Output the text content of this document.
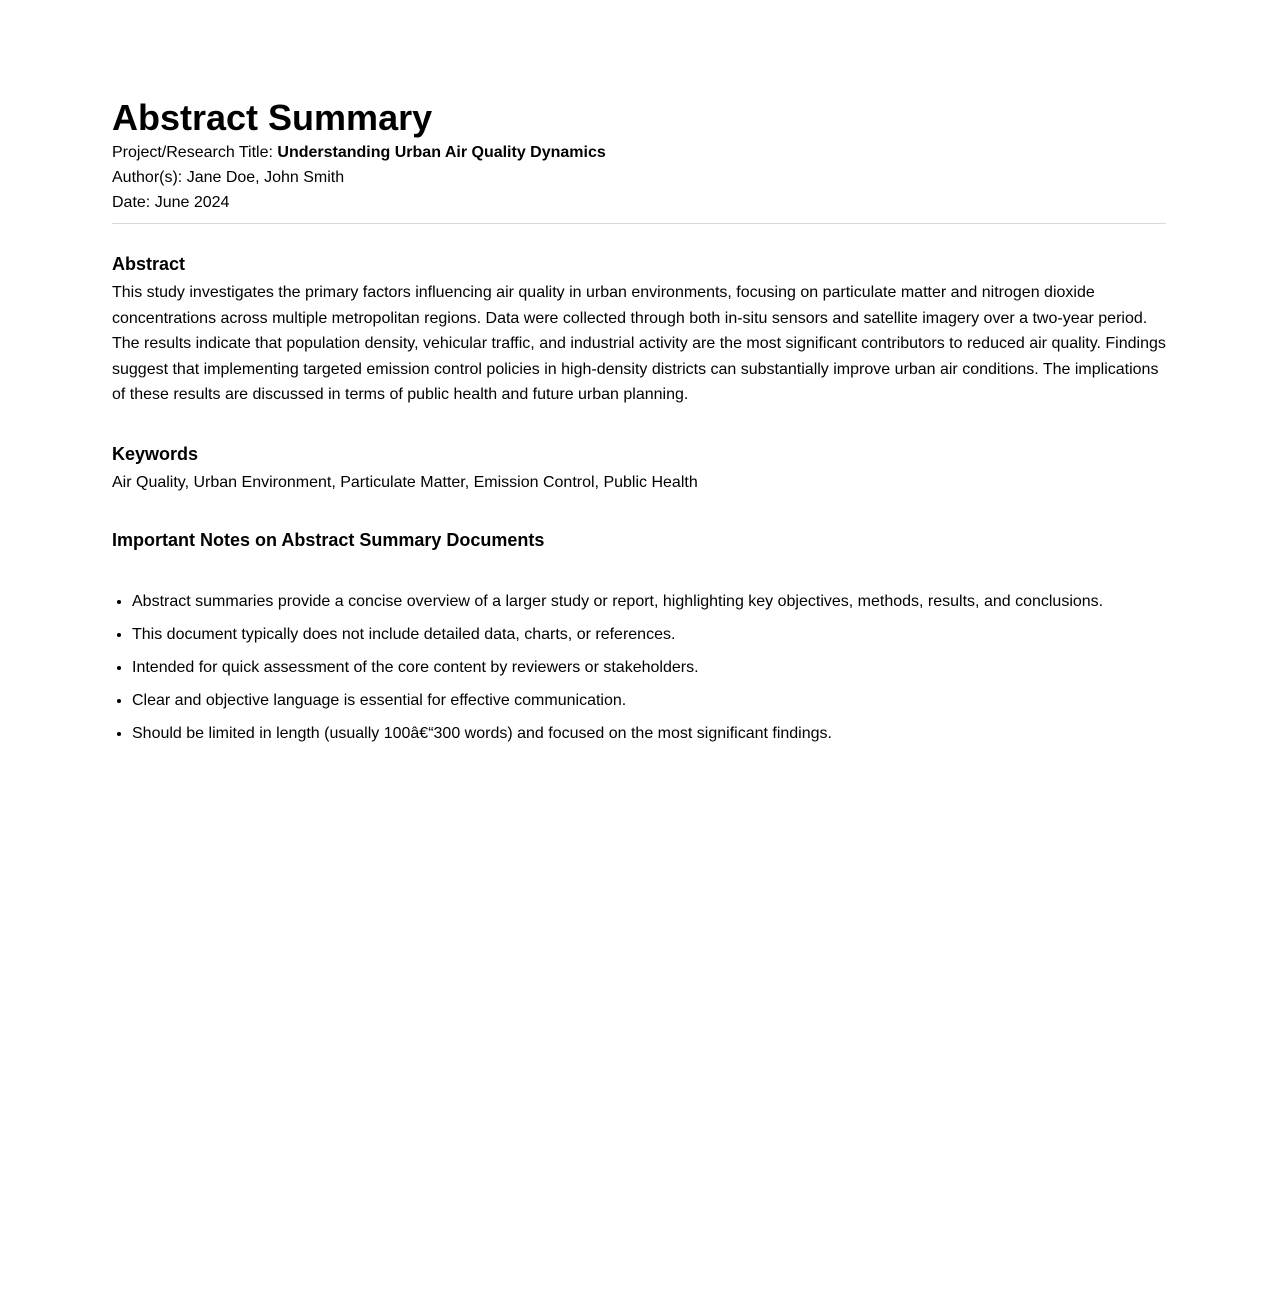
Abstract Summary
Project/Research Title: Understanding Urban Air Quality Dynamics
Author(s): Jane Doe, John Smith
Date: June 2024
Abstract

This study investigates the primary factors influencing air quality in urban environments, focusing on particulate matter and nitrogen dioxide concentrations across multiple metropolitan regions. Data were collected through both in-situ sensors and satellite imagery over a two-year period. The results indicate that population density, vehicular traffic, and industrial activity are the most significant contributors to reduced air quality. Findings suggest that implementing targeted emission control policies in high-density districts can substantially improve urban air conditions. The implications of these results are discussed in terms of public health and future urban planning.

Keywords

Air Quality, Urban Environment, Particulate Matter, Emission Control, Public Health

Important Notes on Abstract Summary Documents
• Abstract summaries provide a concise overview of a larger study or report, highlighting key objectives, methods, results, and conclusions.
• This document typically does not include detailed data, charts, or references.
• Intended for quick assessment of the core content by reviewers or stakeholders.
• Clear and objective language is essential for effective communication.
• Should be limited in length (usually 100â€“300 words) and focused on the most significant findings.
